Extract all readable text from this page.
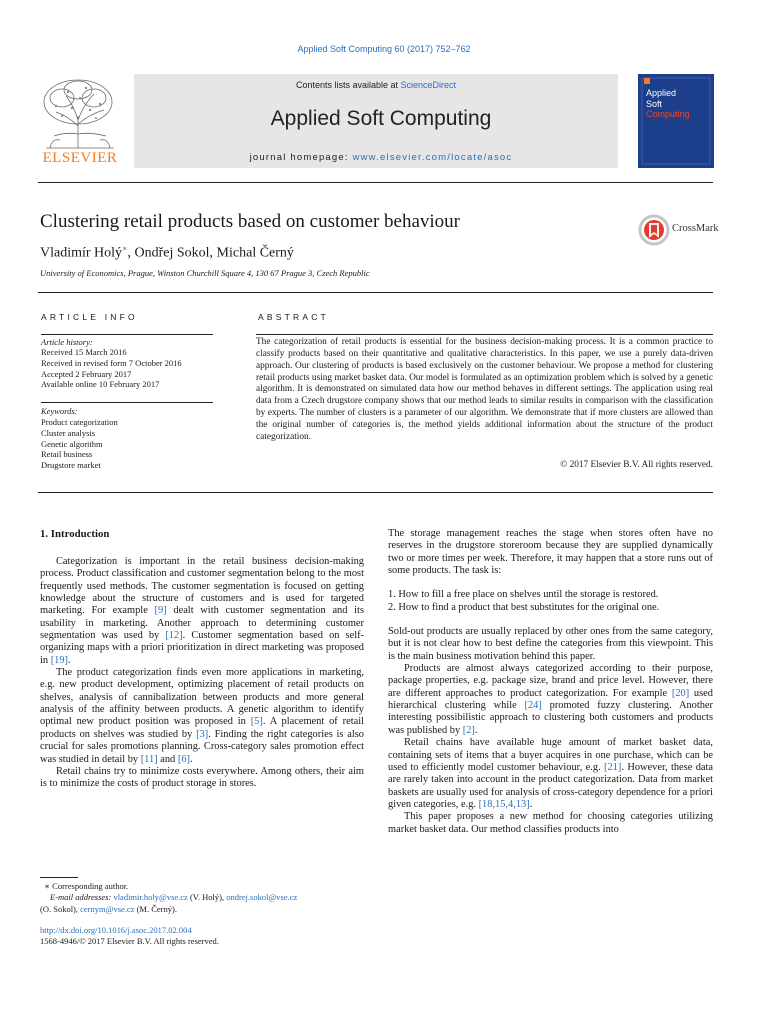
Applied Soft Computing 60 (2017) 752–762
ELSEVIER
Contents lists available at ScienceDirect
Applied Soft Computing
journal homepage: www.elsevier.com/locate/asoc
Applied
Soft
Computing
Clustering retail products based on customer behaviour	CrossMark
Vladimír Holý∗, Ondřej Sokol, Michal Černý
University of Economics, Prague, Winston Churchill Square 4, 130 67 Prague 3, Czech Republic
ARTICLE INFO
Article history:
Received 15 March 2016
Received in revised form 7 October 2016
Accepted 2 February 2017
Available online 10 February 2017
Keywords:
Product categorization
Cluster analysis
Genetic algorithm
Retail business
Drugstore market
ABSTRACT
The categorization of retail products is essential for the business decision-making process. It is a common practice to classify products based on their quantitative and qualitative characteristics. In this paper, we use a purely data-driven approach. Our clustering of products is based exclusively on the customer behaviour. We propose a method for clustering retail products using market basket data. Our model is formulated as an optimization problem which is solved by a genetic algorithm. It is demonstrated on simulated data how our method behaves in different settings. The application using real data from a Czech drugstore company shows that our method leads to similar results in comparison with the classification by experts. The number of clusters is a parameter of our algorithm. We demonstrate that if more clusters are allowed than the original number of categories is, the method yields additional information about the structure of the product categorization.
© 2017 Elsevier B.V. All rights reserved.
1. Introduction

Categorization is important in the retail business decision-making process. Product classification and customer segmentation belong to the most frequently used methods. The customer segmentation is focused on getting knowledge about the structure of customers and is used for targeted marketing. For example [9] dealt with customer segmentation and its usability in marketing. Another approach to determining customer segmentation was used by [12]. Customer segmentation based on self-organizing maps with a priori prioritization in direct marketing was proposed in [19].

The product categorization finds even more applications in marketing, e.g. new product development, optimizing placement of retail products on shelves, analysis of cannibalization between products and more general analysis of the affinity between products. A genetic algorithm to identify optimal new product position was proposed in [5]. A placement of retail products on shelves was studied by [3]. Finding the right categories is also crucial for sales promotions planning. Cross-category sales promotion effect was studied in detail by [11] and [6].

Retail chains try to minimize costs everywhere. Among others, their aim is to minimize the costs of product storage in stores.

∗ Corresponding author.
E-mail addresses: vladimir.holy@vse.cz (V. Holý), ondrej.sokol@vse.cz
(O. Sokol), cernym@vse.cz (M. Černý).
http://dx.doi.org/10.1016/j.asoc.2017.02.004
1568-4946/© 2017 Elsevier B.V. All rights reserved.

The storage management reaches the stage when stores often have no reserves in the drugstore storeroom because they are supplied dynamically two or more times per week. Therefore, it may happen that a store runs out of some products. The task is:

1. How to fill a free place on shelves until the storage is restored.

2. How to find a product that best substitutes for the original one.

Sold-out products are usually replaced by other ones from the same category, but it is not clear how to best define the categories from this viewpoint. This is the main business motivation behind this paper.

Products are almost always categorized according to their purpose, package properties, e.g. package size, brand and price level. However, there are different approaches to product categorization. For example [20] used hierarchical clustering while [24] promoted fuzzy clustering. Another interesting possibilistic approach to clustering both customers and products was published by [2].

Retail chains have available huge amount of market basket data, containing sets of items that a buyer acquires in one purchase, which can be used to efficiently model customer behaviour, e.g. [21]. However, these data are rarely taken into account in the product categorization. Data from market baskets are usually used for analysis of cross-category dependence for a priori given categories, e.g. [18,15,4,13].

This paper proposes a new method for choosing categories utilizing market basket data. Our method classifies products into
